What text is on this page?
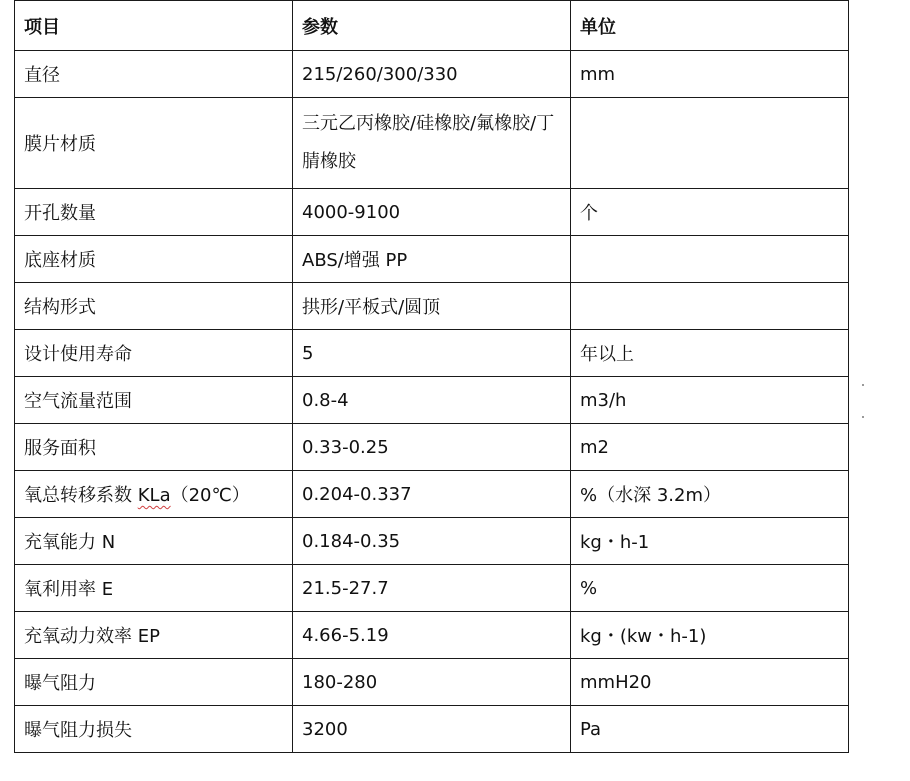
项目	参数	单位
直径	215/260/300/330	mm
膜片材质	三元乙丙橡胶/硅橡胶/氟橡胶/丁腈橡胶	
开孔数量	4000-9100	个
底座材质	ABS/增强 PP	
结构形式	拱形/平板式/圆顶	
设计使用寿命	5	年以上
空气流量范围	0.8-4	m3/h
服务面积	0.33-0.25	m2
氧总转移系数 KLa（20℃）	0.204-0.337	%（水深 3.2m）
充氧能力 N	0.184-0.35	kg・h-1
氧利用率 E	21.5-27.7	%
充氧动力效率 EP	4.66-5.19	kg・(kw・h-1)
曝气阻力	180-280	mmH20
曝气阻力损失	3200	Pa
